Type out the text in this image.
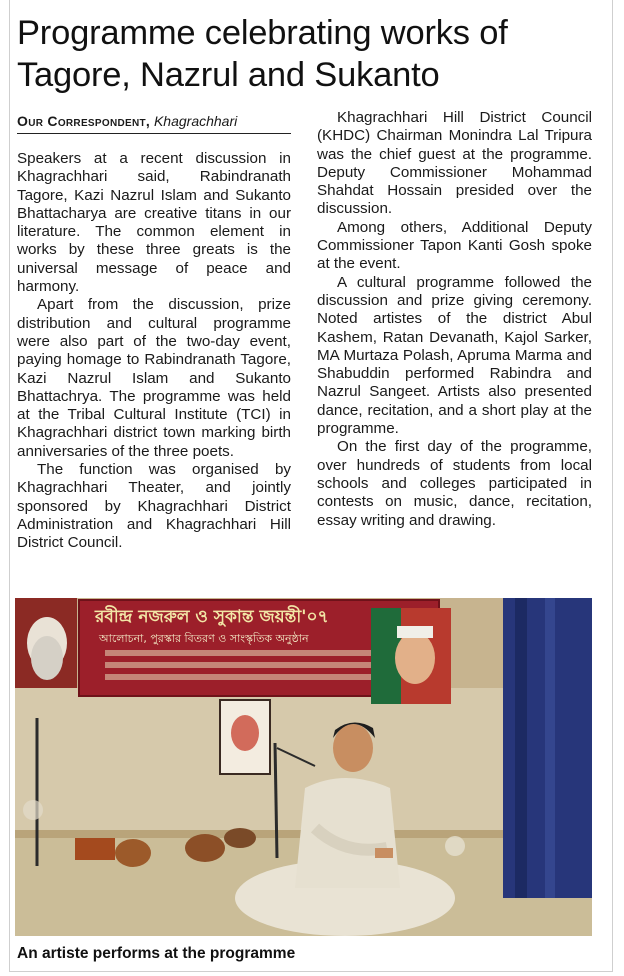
Programme celebrating works of Tagore, Nazrul and Sukanto
Our Correspondent, Khagrachhari

Speakers at a recent discussion in Khagrachhari said, Rabindranath Tagore, Kazi Nazrul Islam and Sukanto Bhattacharya are creative titans in our literature. The common element in works by these three greats is the universal message of peace and harmony.

Apart from the discussion, prize distribution and cultural programme were also part of the two-day event, paying homage to Rabindranath Tagore, Kazi Nazrul Islam and Sukanto Bhattachrya. The programme was held at the Tribal Cultural Institute (TCI) in Khagrachhari district town marking birth anniversaries of the three poets.

The function was organised by Khagrachhari Theater, and jointly sponsored by Khagrachhari District Administration and Khagrachhari Hill District Council.

Khagrachhari Hill District Council (KHDC) Chairman Monindra Lal Tripura was the chief guest at the programme. Deputy Commissioner Mohammad Shahdat Hossain presided over the discussion.

Among others, Additional Deputy Commissioner Tapon Kanti Gosh spoke at the event.

A cultural programme followed the discussion and prize giving ceremony. Noted artistes of the district Abul Kashem, Ratan Devanath, Kajol Sarker, MA Murtaza Polash, Apruma Marma and Shabuddin performed Rabindra and Nazrul Sangeet. Artists also presented dance, recitation, and a short play at the programme.

On the first day of the programme, over hundreds of students from local schools and colleges participated in contests on music, dance, recitation, essay writing and drawing.

রবীন্দ্র নজরুল ও সুকান্ত জয়ন্তী'০৭
আলোচনা, পুরস্কার বিতরণ ও সাংস্কৃতিক অনুষ্ঠান
An artiste performs at the programme
